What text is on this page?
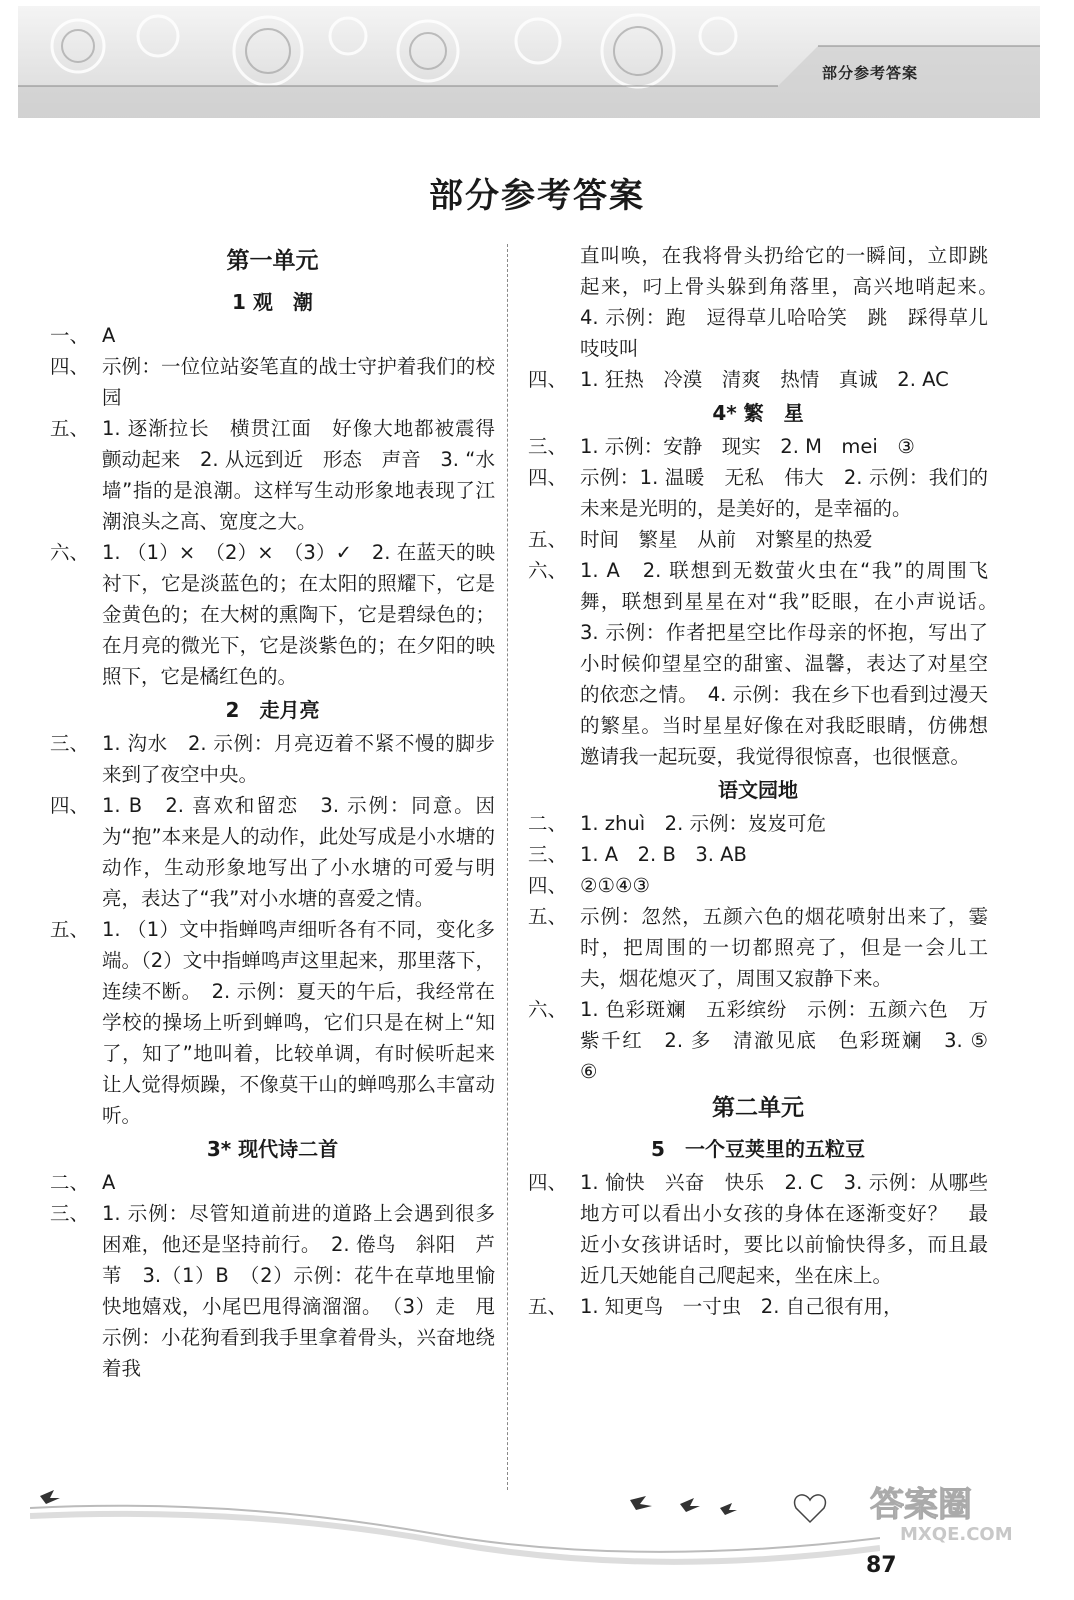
部分参考答案
部分参考答案
第一单元
1 观　潮
一、 A
四、 示例：一位位站姿笔直的战士守护着我们的校园
五、 1. 逐渐拉长　横贯江面　好像大地都被震得颤动起来　2. 从远到近　形态　声音　3. “水墙”指的是浪潮。这样写生动形象地表现了江潮浪头之高、宽度之大。
六、 1. （1）×　（2）×　（3）✓　2. 在蓝天的映衬下，它是淡蓝色的；在太阳的照耀下，它是金黄色的；在大树的熏陶下，它是碧绿色的；在月亮的微光下，它是淡紫色的；在夕阳的映照下，它是橘红色的。
2　走月亮
三、 1. 沟水　2. 示例：月亮迈着不紧不慢的脚步来到了夜空中央。
四、 1. B　2. 喜欢和留恋　3. 示例：同意。因为“抱”本来是人的动作，此处写成是小水塘的动作，生动形象地写出了小水塘的可爱与明亮，表达了“我”对小水塘的喜爱之情。
五、 1. （1）文中指蝉鸣声细听各有不同，变化多端。（2）文中指蝉鸣声这里起来，那里落下，连续不断。　2. 示例：夏天的午后，我经常在学校的操场上听到蝉鸣，它们只是在树上“知了，知了”地叫着，比较单调，有时候听起来让人觉得烦躁，不像莫干山的蝉鸣那么丰富动听。
3* 现代诗二首
二、 A
三、 1. 示例：尽管知道前进的道路上会遇到很多困难，他还是坚持前行。　2. 倦鸟　斜阳　芦苇　3.（1）B　（2）示例：花牛在草地里愉快地嬉戏，小尾巴甩得滴溜溜。　（3）走　甩　示例：小花狗看到我手里拿着骨头，兴奋地绕着我
直叫唤，在我将骨头扔给它的一瞬间，立即跳起来，叼上骨头躲到角落里，高兴地哨起来。　4. 示例：跑　逗得草儿哈哈笑　跳　踩得草儿吱吱叫
四、 1. 狂热　冷漠　清爽　热情　真诚　2. AC
4* 繁　星
三、 1. 示例：安静　现实　2. M　mei　③
四、 示例：1. 温暖　无私　伟大　2. 示例：我们的未来是光明的，是美好的，是幸福的。
五、 时间　繁星　从前　对繁星的热爱
六、 1. A　2. 联想到无数萤火虫在“我”的周围飞舞，联想到星星在对“我”眨眼，在小声说话。　3. 示例：作者把星空比作母亲的怀抱，写出了小时候仰望星空的甜蜜、温馨，表达了对星空的依恋之情。　4. 示例：我在乡下也看到过漫天的繁星。当时星星好像在对我眨眼睛，仿佛想邀请我一起玩耍，我觉得很惊喜，也很惬意。
语文园地
二、 1. zhuì　2. 示例：岌岌可危
三、 1. A　2. B　3. AB
四、 ②①④③
五、 示例：忽然，五颜六色的烟花喷射出来了，霎时，把周围的一切都照亮了，但是一会儿工夫，烟花熄灭了，周围又寂静下来。
六、 1. 色彩斑斓　五彩缤纷　示例：五颜六色　万紫千红　2. 多　清澈见底　色彩斑斓　3. ⑤　⑥
第二单元
5　一个豆荚里的五粒豆
四、 1. 愉快　兴奋　快乐　2. C　3. 示例：从哪些地方可以看出小女孩的身体在逐渐变好？　最近小女孩讲话时，要比以前愉快得多，而且最近几天她能自己爬起来，坐在床上。
五、 1. 知更鸟　一寸虫　2. 自己很有用，
答案圈
MXQE.COM
87
